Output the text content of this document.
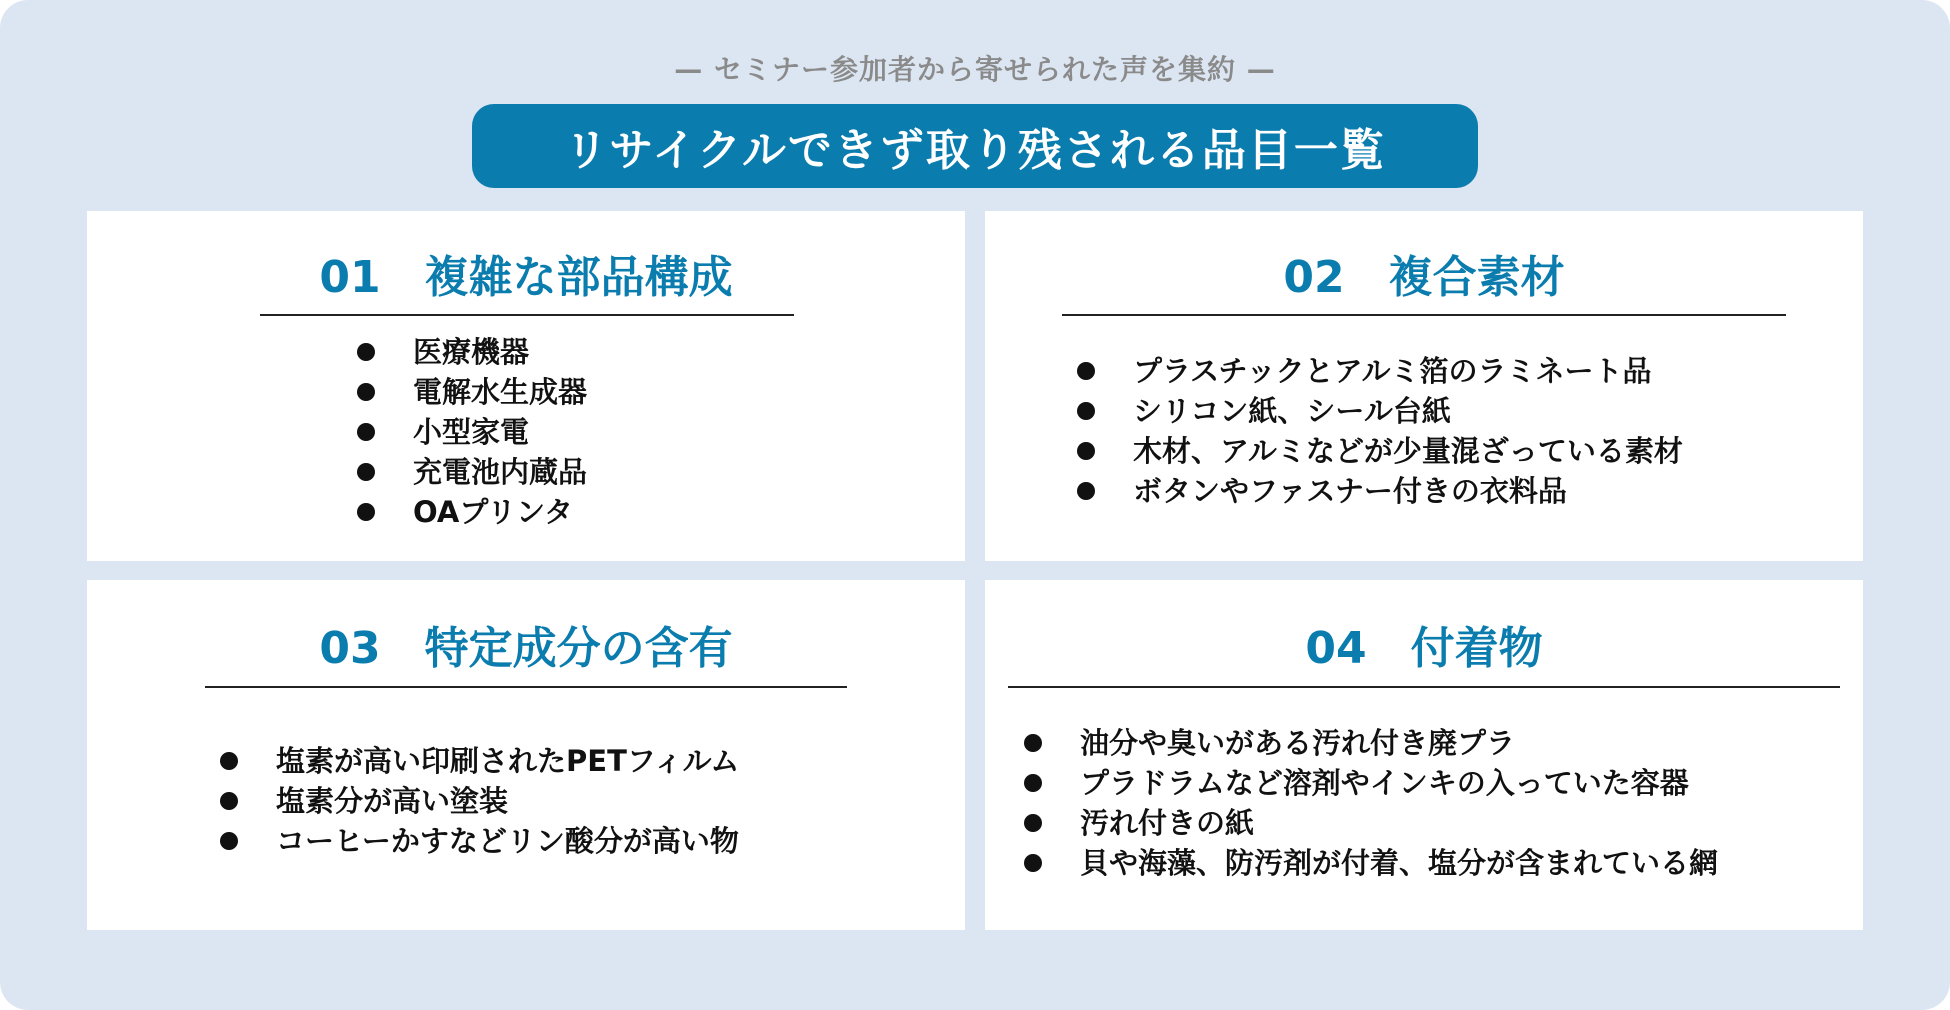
— セミナー参加者から寄せられた声を集約 —
リサイクルできず取り残される品目一覧
01　複雑な部品構成
医療機器
電解水生成器
小型家電
充電池内蔵品
OAプリンタ
02　複合素材
プラスチックとアルミ箔のラミネート品
シリコン紙、シール台紙
木材、アルミなどが少量混ざっている素材
ボタンやファスナー付きの衣料品
03　特定成分の含有
塩素が高い印刷されたPETフィルム
塩素分が高い塗装
コーヒーかすなどリン酸分が高い物
04　付着物
油分や臭いがある汚れ付き廃プラ
プラドラムなど溶剤やインキの入っていた容器
汚れ付きの紙
貝や海藻、防汚剤が付着、塩分が含まれている網
